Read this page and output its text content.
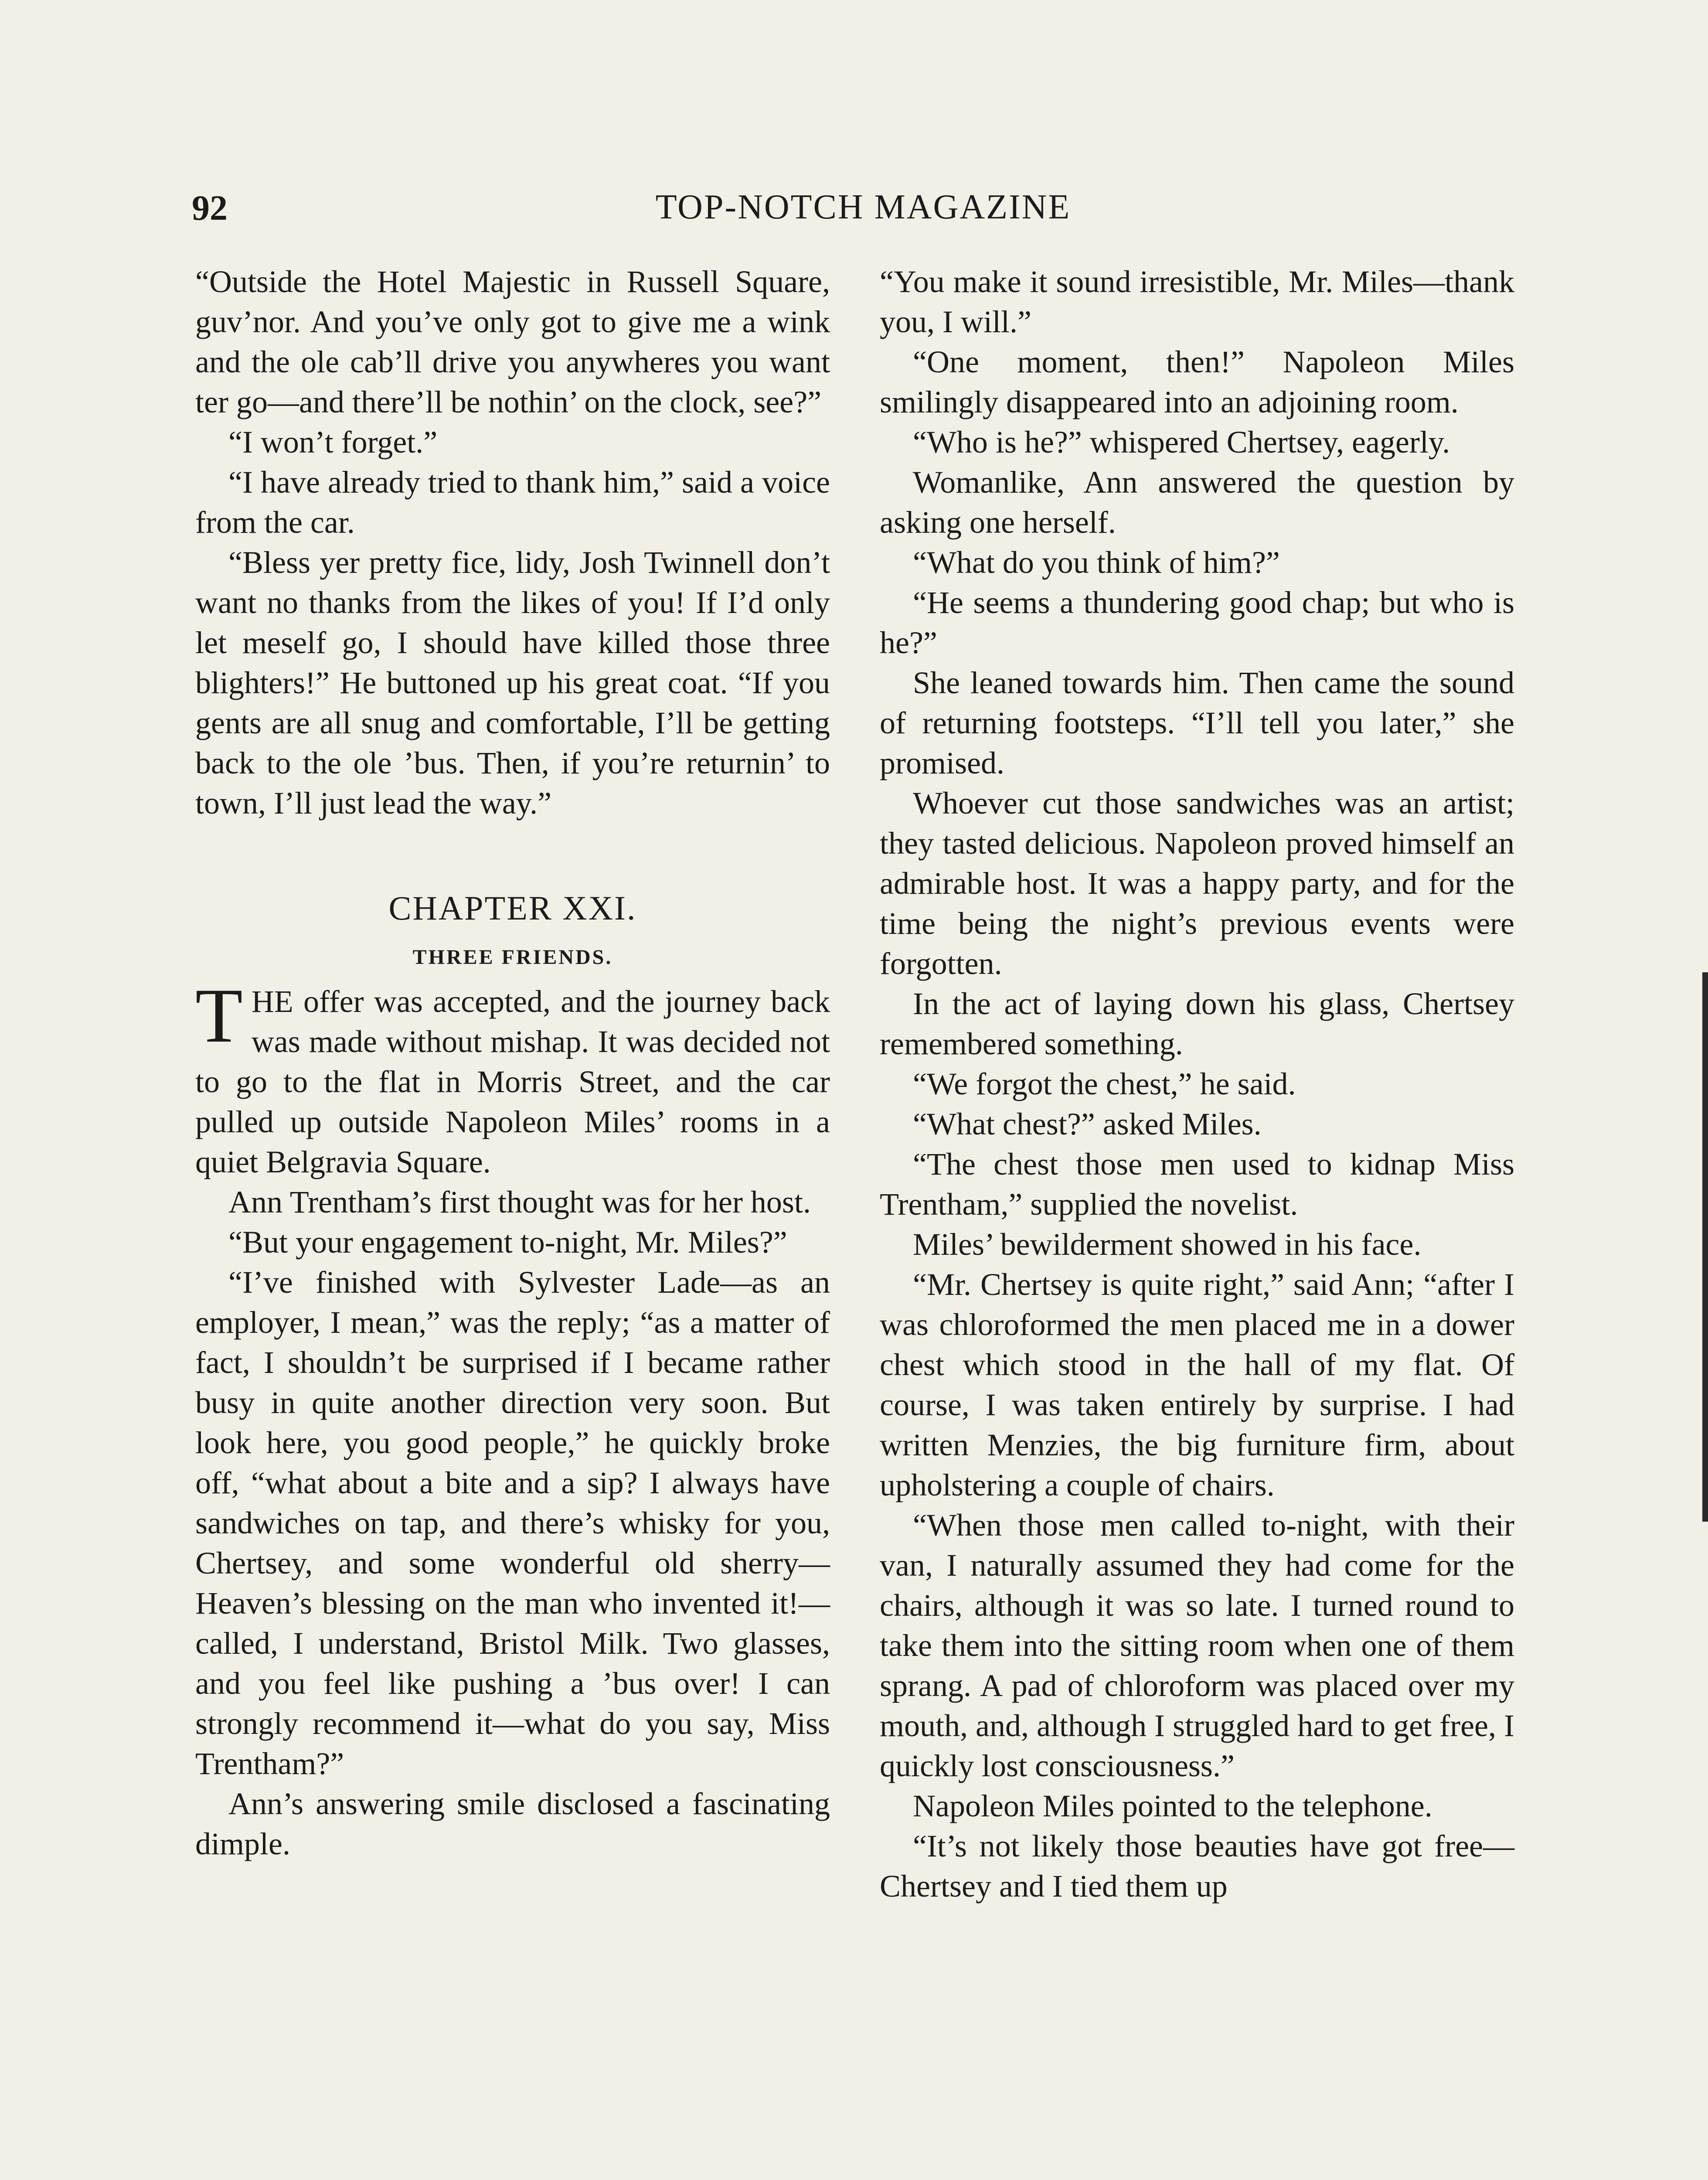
TOP-NOTCH MAGAZINE
92

“Outside the Hotel Majestic in Russell Square, guv’nor. And you’ve only got to give me a wink and the ole cab’ll drive you anywheres you want ter go—and there’ll be nothin’ on the clock, see?”

“I won’t forget.”

“I have already tried to thank him,” said a voice from the car.

“Bless yer pretty fice, lidy, Josh Twinnell don’t want no thanks from the likes of you! If I’d only let meself go, I should have killed those three blighters!” He buttoned up his great coat. “If you gents are all snug and comfortable, I’ll be getting back to the ole ’bus. Then, if you’re returnin’ to town, I’ll just lead the way.”

CHAPTER XXI.
THREE FRIENDS.

THE offer was accepted, and the journey back was made without mishap. It was decided not to go to the flat in Morris Street, and the car pulled up outside Napoleon Miles’ rooms in a quiet Belgravia Square.

Ann Trentham’s first thought was for her host.

“But your engagement to-night, Mr. Miles?”

“I’ve finished with Sylvester Lade—as an employer, I mean,” was the reply; “as a matter of fact, I shouldn’t be surprised if I became rather busy in quite another direction very soon. But look here, you good people,” he quickly broke off, “what about a bite and a sip? I always have sandwiches on tap, and there’s whisky for you, Chertsey, and some wonderful old sherry—Heaven’s blessing on the man who invented it!—called, I understand, Bristol Milk. Two glasses, and you feel like pushing a ’bus over! I can strongly recommend it—what do you say, Miss Trentham?”

Ann’s answering smile disclosed a fascinating dimple.

“You make it sound irresistible, Mr. Miles—thank you, I will.”

“One moment, then!” Napoleon Miles smilingly disappeared into an adjoining room.

“Who is he?” whispered Chertsey, eagerly.

Womanlike, Ann answered the question by asking one herself.

“What do you think of him?”

“He seems a thundering good chap; but who is he?”

She leaned towards him. Then came the sound of returning footsteps. “I’ll tell you later,” she promised.

Whoever cut those sandwiches was an artist; they tasted delicious. Napoleon proved himself an admirable host. It was a happy party, and for the time being the night’s previous events were forgotten.

In the act of laying down his glass, Chertsey remembered something.

“We forgot the chest,” he said.

“What chest?” asked Miles.

“The chest those men used to kidnap Miss Trentham,” supplied the novelist.

Miles’ bewilderment showed in his face.

“Mr. Chertsey is quite right,” said Ann; “after I was chloroformed the men placed me in a dower chest which stood in the hall of my flat. Of course, I was taken entirely by surprise. I had written Menzies, the big furniture firm, about upholstering a couple of chairs.

“When those men called to-night, with their van, I naturally assumed they had come for the chairs, although it was so late. I turned round to take them into the sitting room when one of them sprang. A pad of chloroform was placed over my mouth, and, although I struggled hard to get free, I quickly lost consciousness.”

Napoleon Miles pointed to the telephone.

“It’s not likely those beauties have got free—Chertsey and I tied them up
